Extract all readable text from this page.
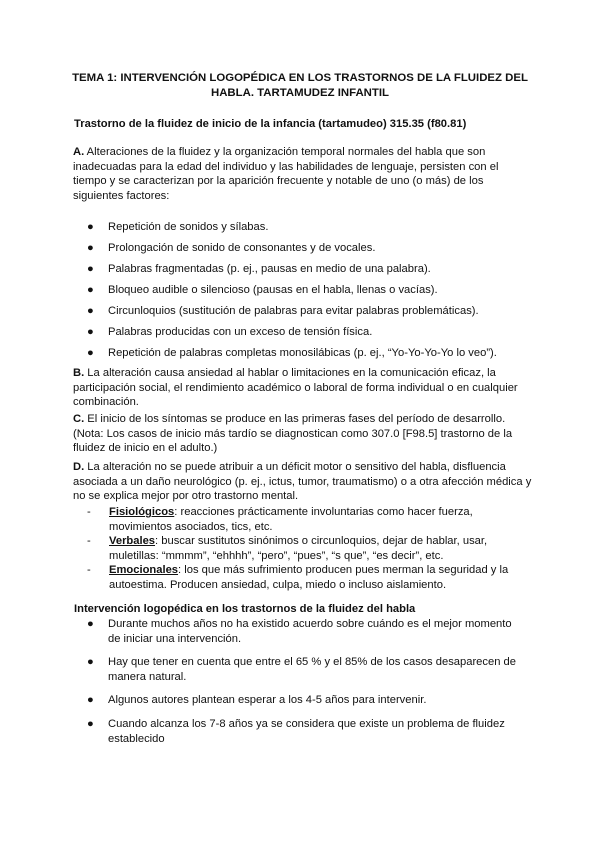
TEMA 1: INTERVENCIÓN LOGOPÉDICA EN LOS TRASTORNOS DE LA FLUIDEZ DEL HABLA. TARTAMUDEZ INFANTIL
Trastorno de la fluidez de inicio de la infancia (tartamudeo) 315.35 (f80.81)
A. Alteraciones de la fluidez y la organización temporal normales del habla que son inadecuadas para la edad del individuo y las habilidades de lenguaje, persisten con el tiempo y se caracterizan por la aparición frecuente y notable de uno (o más) de los siguientes factores:
● Repetición de sonidos y sílabas.
● Prolongación de sonido de consonantes y de vocales.
● Palabras fragmentadas (p. ej., pausas en medio de una palabra).
● Bloqueo audible o silencioso (pausas en el habla, llenas o vacías).
● Circunloquios (sustitución de palabras para evitar palabras problemáticas).
● Palabras producidas con un exceso de tensión física.
● Repetición de palabras completas monosilábicas (p. ej., “Yo-Yo-Yo-Yo lo veo”).
B. La alteración causa ansiedad al hablar o limitaciones en la comunicación eficaz, la participación social, el rendimiento académico o laboral de forma individual o en cualquier combinación.
C. El inicio de los síntomas se produce en las primeras fases del período de desarrollo. (Nota: Los casos de inicio más tardío se diagnostican como 307.0 [F98.5] trastorno de la fluidez de inicio en el adulto.)
D. La alteración no se puede atribuir a un déficit motor o sensitivo del habla, disfluencia asociada a un daño neurológico (p. ej., ictus, tumor, traumatismo) o a otra afección médica y no se explica mejor por otro trastorno mental.
- Fisiológicos: reacciones prácticamente involuntarias como hacer fuerza, movimientos asociados, tics, etc.
- Verbales: buscar sustitutos sinónimos o circunloquios, dejar de hablar, usar, muletillas: “mmmm”, “ehhhh”, “pero”, “pues”, “s que”, “es decir”, etc.
- Emocionales: los que más sufrimiento producen pues merman la seguridad y la autoestima. Producen ansiedad, culpa, miedo o incluso aislamiento.
Intervención logopédica en los trastornos de la fluidez del habla
● Durante muchos años no ha existido acuerdo sobre cuándo es el mejor momento de iniciar una intervención.
● Hay que tener en cuenta que entre el 65 % y el 85% de los casos desaparecen de manera natural.
● Algunos autores plantean esperar a los 4-5 años para intervenir.
● Cuando alcanza los 7-8 años ya se considera que existe un problema de fluidez establecido
